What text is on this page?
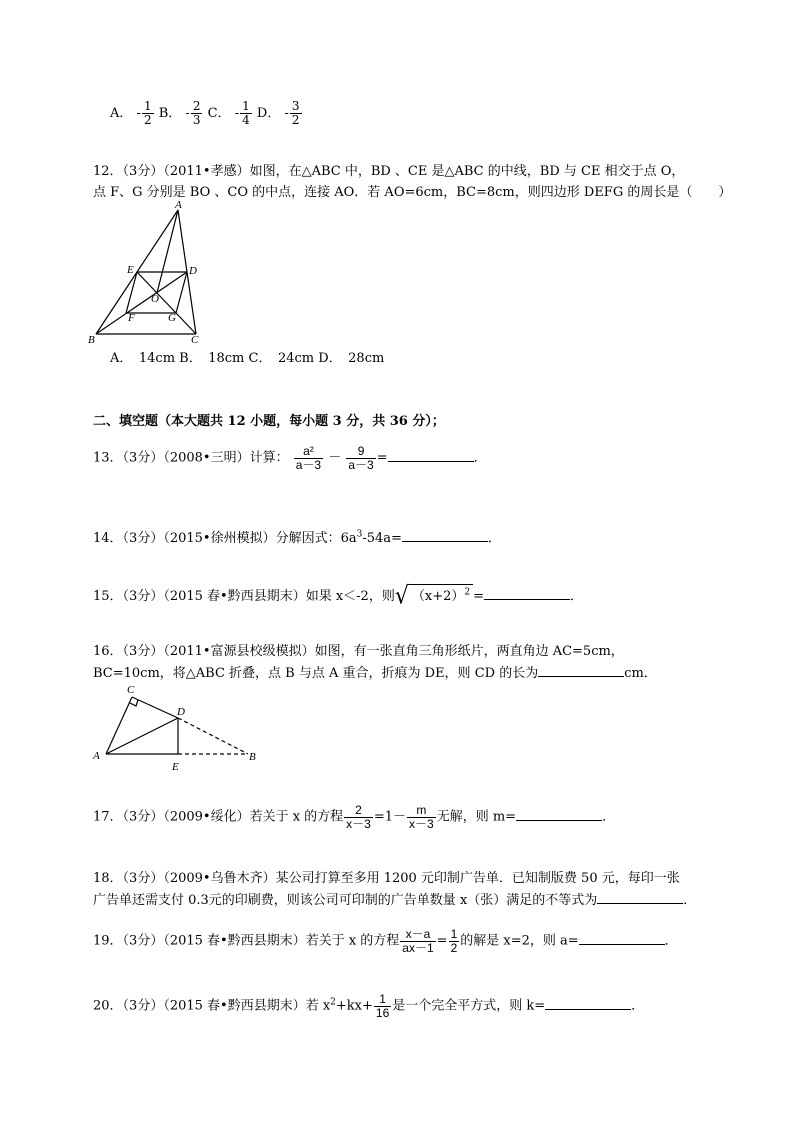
A． - $\frac{1}{2}$ B． - $\frac{2}{3}$ C． - $\frac{1}{4}$ D． - $\frac{3}{2}$
12．（3分）（2011•孝感）如图，在△ABC 中，BD 、CE 是△ABC 的中线，BD 与 CE 相交于点 O，
点 F、G 分别是 BO 、CO 的中点，连接 AO．若 AO=6cm，BC=8cm，则四边形 DEFG 的周长是（　　）
A
B	C
D
E
F	G
O
A．　14cm B．　18cm C．　24cm D．　28cm
二、填空题（本大题共 12 小题，每小题 3 分，共 36 分）；
13．（3分）（2008•三明）计算： $\frac{\text{a²}}{a-3} - \frac{9}{a-3}$ =	．
14．（3分）（2015•徐州模拟）分解因式：$6a^3-54a=$	．
15．（3分）（2015 春•黔西县期末）如果 x＜-2，则√ $(x+2)^2$ =	．
16．（3分）（2011•富源县校级模拟）如图，有一张直角三角形纸片，两直角边 AC=5cm，
BC=10cm，将△ABC 折叠，点 B 与点 A 重合，折痕为 DE，则 CD 的长为	cm．
C
D
A
E
B
17．（3分）（2009•绥化）若关于 x 的方程 $\frac{2}{x-3} =1- \frac{m}{x-3}$ 无解，则 m=	．
18．（3分）（2009•乌鲁木齐）某公司打算至多用 1200 元印制广告单．已知制版费 50 元，每印一张
广告单还需支付 0.3元的印刷费，则该公司可印制的广告单数量 x（张）满足的不等式为	．
19．（3分）（2015 春•黔西县期末）若关于 x 的方程 $\frac{x-a}{ax-1} = \frac{1}{2}$ 的解是 x=2，则 a=	．
20．（3分）（2015 春•黔西县期末）若 $x^2+kx+ \frac{1}{16}$ 是一个完全平方式，则 k=	．
